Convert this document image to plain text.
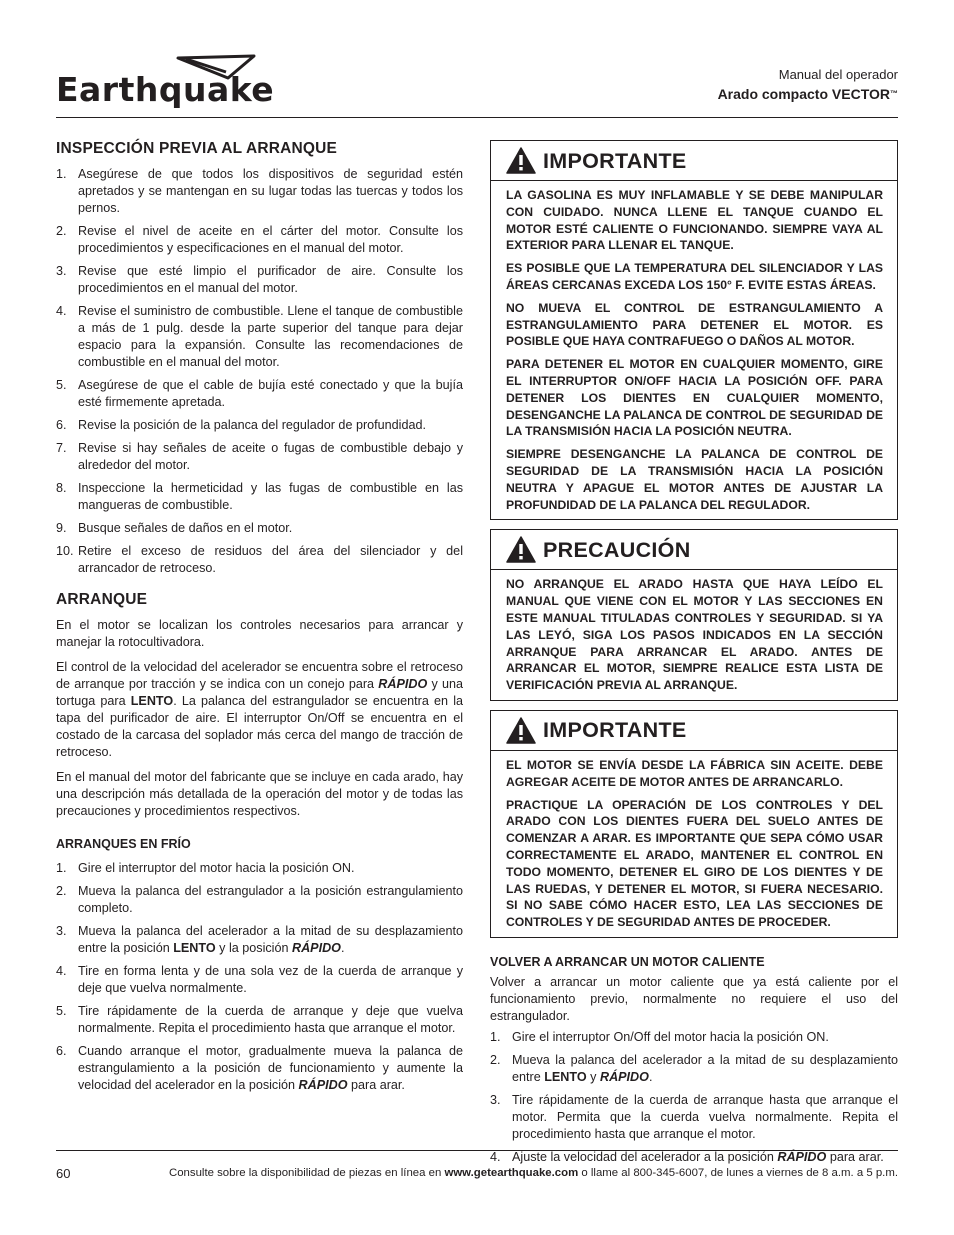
Earthquake	Manual del operador
Arado compacto VECTOR™
INSPECCIÓN PREVIA AL ARRANQUE
1. Asegúrese de que todos los dispositivos de seguridad estén apretados y se mantengan en su lugar todas las tuercas y todos los pernos.
2. Revise el nivel de aceite en el cárter del motor. Consulte los procedimientos y especificaciones en el manual del motor.
3. Revise que esté limpio el purificador de aire. Consulte los procedimientos en el manual del motor.
4. Revise el suministro de combustible. Llene el tanque de combustible a más de 1 pulg. desde la parte superior del tanque para dejar espacio para la expansión. Consulte las recomendaciones de combustible en el manual del motor.
5. Asegúrese de que el cable de bujía esté conectado y que la bujía esté firmemente apretada.
6. Revise la posición de la palanca del regulador de profundidad.
7. Revise si hay señales de aceite o fugas de combustible debajo y alrededor del motor.
8. Inspeccione la hermeticidad y las fugas de combustible en las mangueras de combustible.
9. Busque señales de daños en el motor.
10. Retire el exceso de residuos del área del silenciador y del arrancador de retroceso.
ARRANQUE

En el motor se localizan los controles necesarios para arrancar y manejar la rotocultivadora.

El control de la velocidad del acelerador se encuentra sobre el retroceso de arranque por tracción y se indica con un conejo para RÁPIDO y una tortuga para LENTO. La palanca del estrangulador se encuentra en la tapa del purificador de aire. El interruptor On/Off se encuentra en el costado de la carcasa del soplador más cerca del mango de tracción de retroceso.

En el manual del motor del fabricante que se incluye en cada arado, hay una descripción más detallada de la operación del motor y de todas las precauciones y procedimientos respectivos.

ARRANQUES EN FRÍO
1. Gire el interruptor del motor hacia la posición ON.
2. Mueva la palanca del estrangulador a la posición estrangulamiento completo.
3. Mueva la palanca del acelerador a la mitad de su desplazamiento entre la posición LENTO y la posición RÁPIDO.
4. Tire en forma lenta y de una sola vez de la cuerda de arranque y deje que vuelva normalmente.
5. Tire rápidamente de la cuerda de arranque y deje que vuelva normalmente. Repita el procedimiento hasta que arranque el motor.
6. Cuando arranque el motor, gradualmente mueva la palanca de estrangulamiento a la posición de funcionamiento y aumente la velocidad del acelerador en la posición RÁPIDO para arar.
IMPORTANTE

LA GASOLINA ES MUY INFLAMABLE Y SE DEBE MANIPULAR CON CUIDADO. NUNCA LLENE EL TANQUE CUANDO EL MOTOR ESTÉ CALIENTE O FUNCIONANDO. SIEMPRE VAYA AL EXTERIOR PARA LLENAR EL TANQUE.

ES POSIBLE QUE LA TEMPERATURA DEL SILENCIADOR Y LAS ÁREAS CERCANAS EXCEDA LOS 150° F. EVITE ESTAS ÁREAS.

NO MUEVA EL CONTROL DE ESTRANGULAMIENTO A ESTRANGULAMIENTO PARA DETENER EL MOTOR. ES POSIBLE QUE HAYA CONTRAFUEGO O DAÑOS AL MOTOR.

PARA DETENER EL MOTOR EN CUALQUIER MOMENTO, GIRE EL INTERRUPTOR ON/OFF HACIA LA POSICIÓN OFF. PARA DETENER LOS DIENTES EN CUALQUIER MOMENTO, DESENGANCHE LA PALANCA DE CONTROL DE SEGURIDAD DE LA TRANSMISIÓN HACIA LA POSICIÓN NEUTRA.

SIEMPRE DESENGANCHE LA PALANCA DE CONTROL DE SEGURIDAD DE LA TRANSMISIÓN HACIA LA POSICIÓN NEUTRA Y APAGUE EL MOTOR ANTES DE AJUSTAR LA PROFUNDIDAD DE LA PALANCA DEL REGULADOR.

PRECAUCIÓN

NO ARRANQUE EL ARADO HASTA QUE HAYA LEÍDO EL MANUAL QUE VIENE CON EL MOTOR Y LAS SECCIONES EN ESTE MANUAL TITULADAS CONTROLES Y SEGURIDAD. SI YA LAS LEYÓ, SIGA LOS PASOS INDICADOS EN LA SECCIÓN ARRANQUE PARA ARRANCAR EL ARADO. ANTES DE ARRANCAR EL MOTOR, SIEMPRE REALICE ESTA LISTA DE VERIFICACIÓN PREVIA AL ARRANQUE.

IMPORTANTE

EL MOTOR SE ENVÍA DESDE LA FÁBRICA SIN ACEITE. DEBE AGREGAR ACEITE DE MOTOR ANTES DE ARRANCARLO.

PRACTIQUE LA OPERACIÓN DE LOS CONTROLES Y DEL ARADO CON LOS DIENTES FUERA DEL SUELO ANTES DE COMENZAR A ARAR. ES IMPORTANTE QUE SEPA CÓMO USAR CORRECTAMENTE EL ARADO, MANTENER EL CONTROL EN TODO MOMENTO, DETENER EL GIRO DE LOS DIENTES Y DE LAS RUEDAS, Y DETENER EL MOTOR, SI FUERA NECESARIO. SI NO SABE CÓMO HACER ESTO, LEA LAS SECCIONES DE CONTROLES Y DE SEGURIDAD ANTES DE PROCEDER.

VOLVER A ARRANCAR UN MOTOR CALIENTE

Volver a arrancar un motor caliente que ya está caliente por el funcionamiento previo, normalmente no requiere el uso del estrangulador.

1. Gire el interruptor On/Off del motor hacia la posición ON.
2. Mueva la palanca del acelerador a la mitad de su desplazamiento entre LENTO y RÁPIDO.
3. Tire rápidamente de la cuerda de arranque hasta que arranque el motor. Permita que la cuerda vuelva normalmente. Repita el procedimiento hasta que arranque el motor.
4. Ajuste la velocidad del acelerador a la posición RÁPIDO para arar.
60	Consulte sobre la disponibilidad de piezas en línea en www.getearthquake.com o llame al 800-345-6007, de lunes a viernes de 8 a.m. a 5 p.m.
